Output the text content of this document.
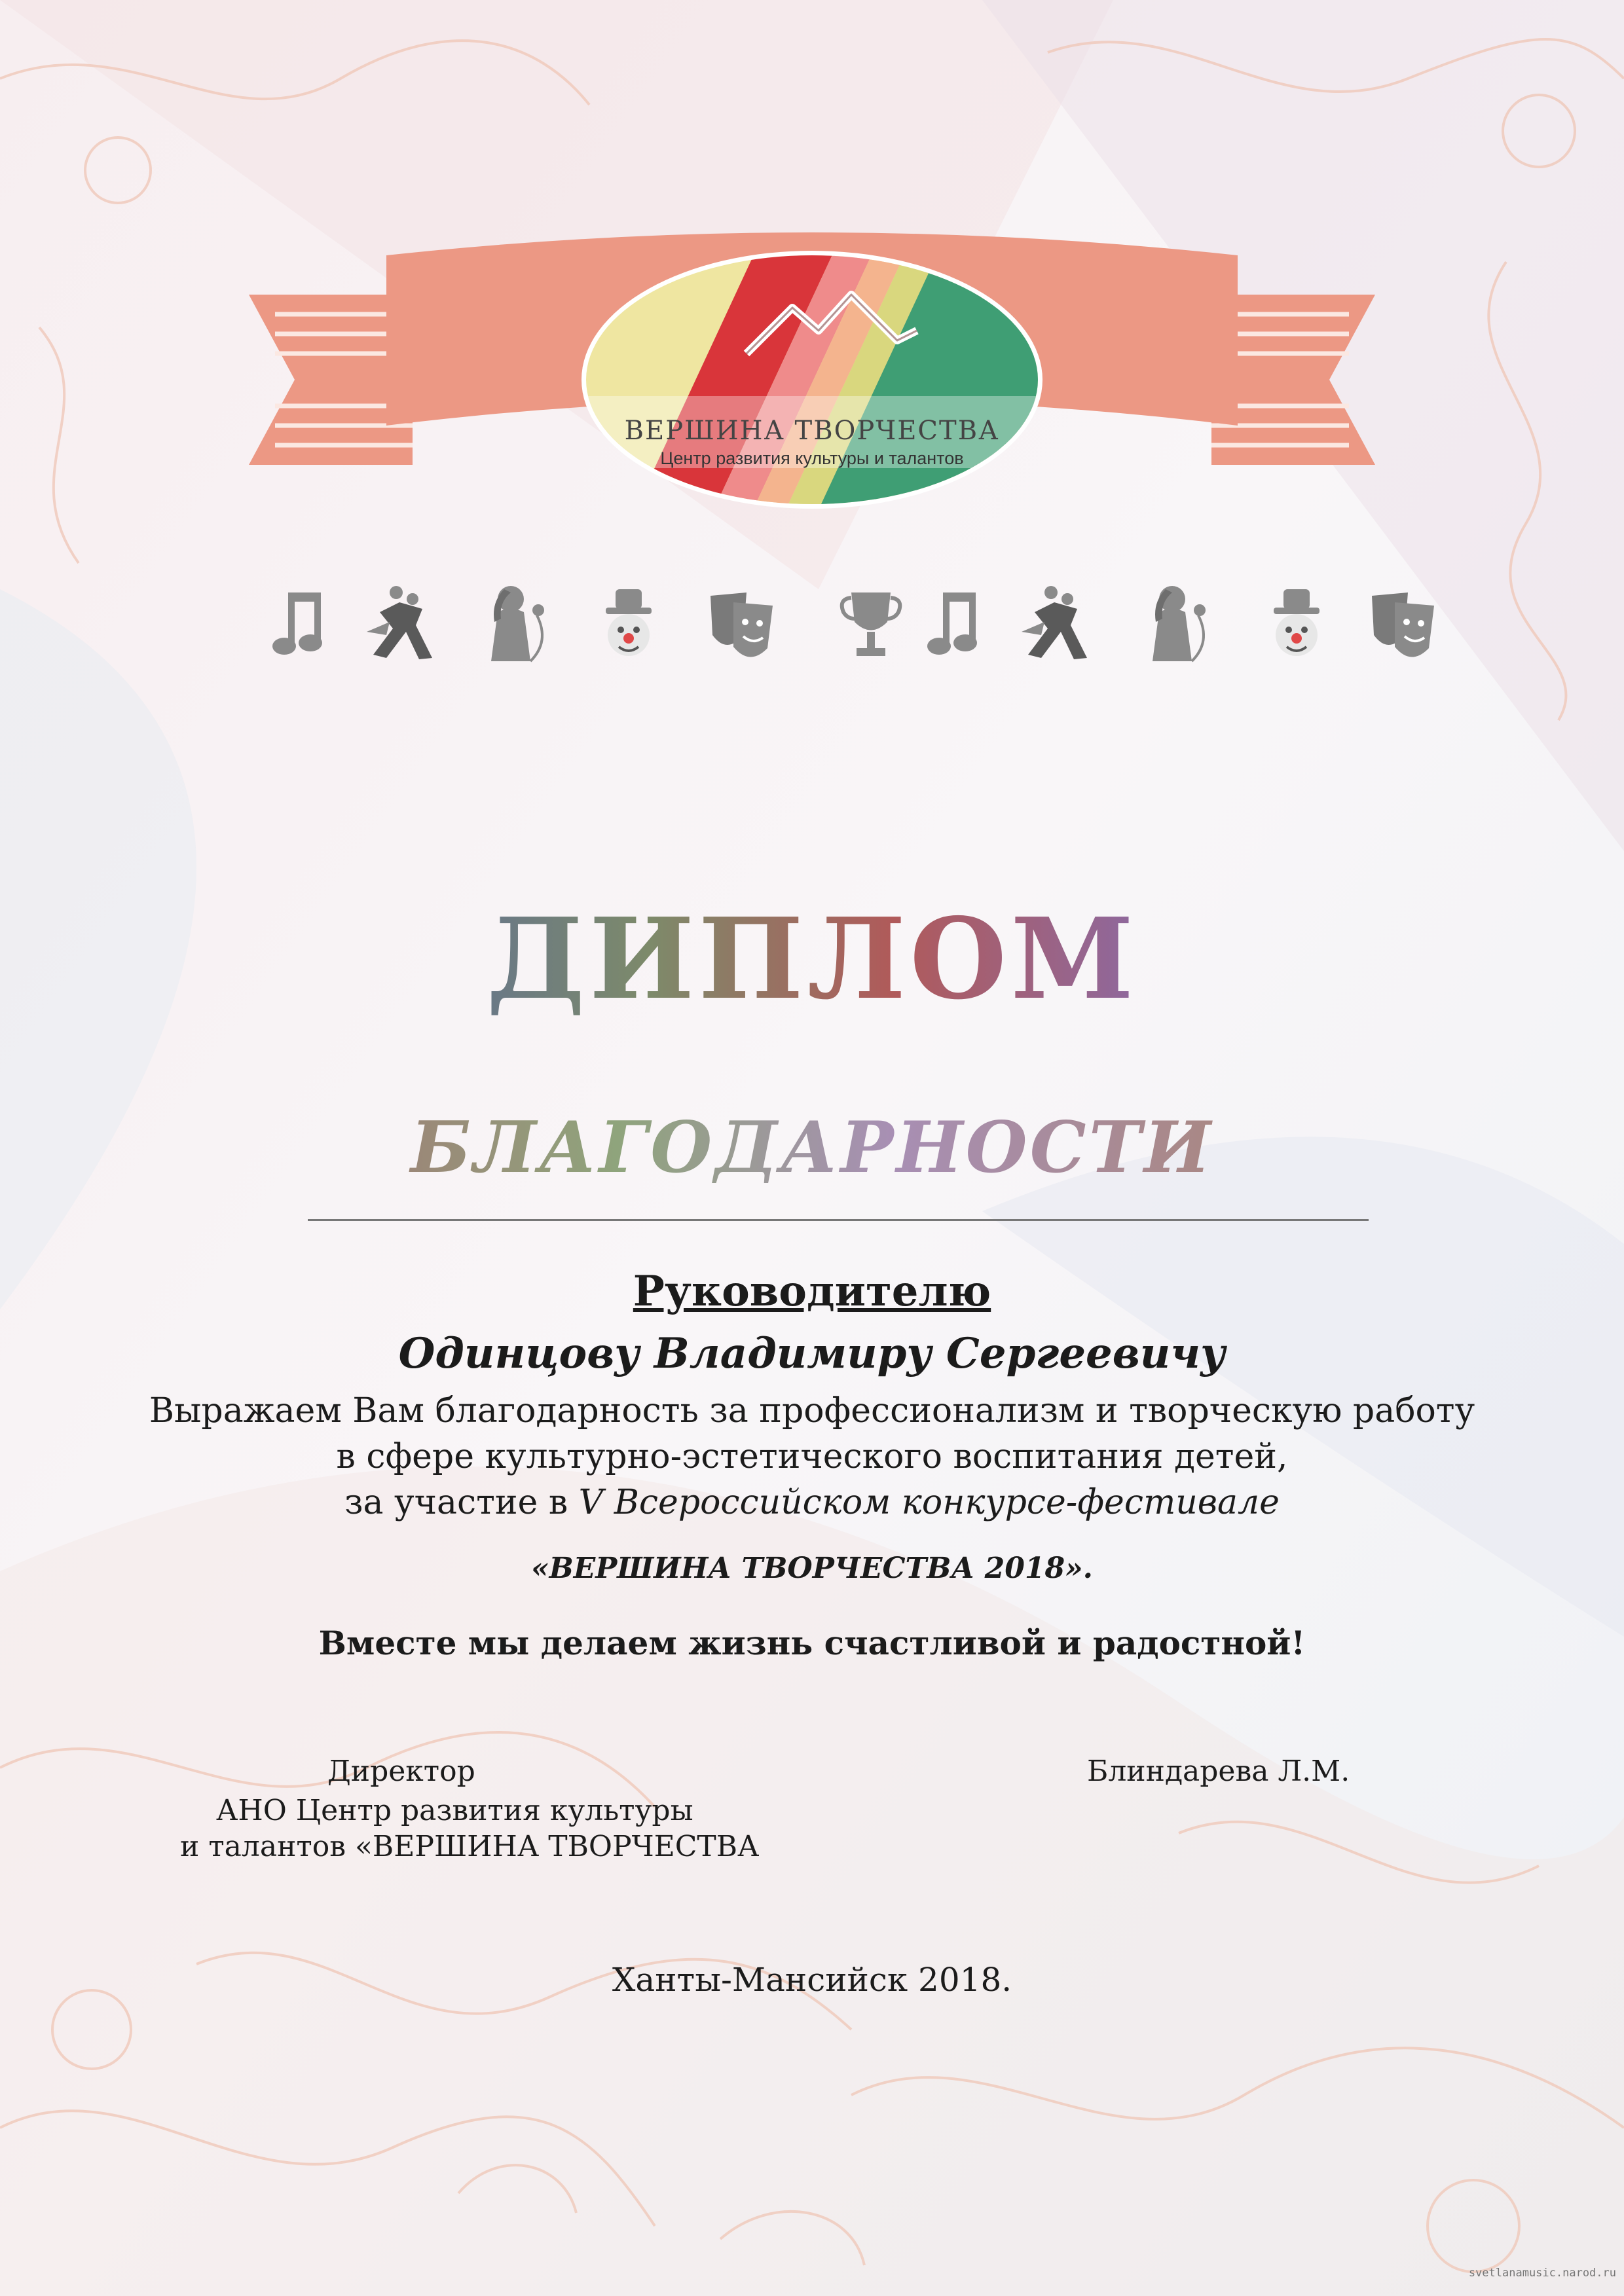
ВЕРШИНА ТВОРЧЕСТВА
Центр развития культуры и талантов
ДИПЛОМ
БЛАГОДАРНОСТИ
Руководителю
Одинцову Владимиру Сергеевичу
Выражаем Вам благодарность за профессионализм и творческую работу
в сфере культурно-эстетического воспитания детей,
за участие в V Всероссийском конкурсе-фестивале
«ВЕРШИНА ТВОРЧЕСТВА 2018».
Вместе мы делаем жизнь счастливой и радостной!
Директор
АНО Центр развития культуры
и талантов «ВЕРШИНА ТВОРЧЕСТВА
Блиндарева Л.М.
Ханты-Мансийск 2018.
svetlanamusic.narod.ru
